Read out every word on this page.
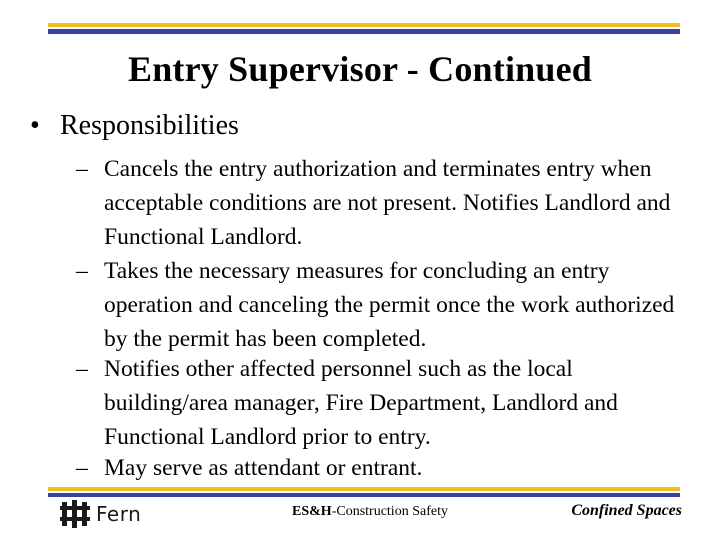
Entry Supervisor - Continued
• Responsibilities
– Cancels the entry authorization and terminates entry when acceptable conditions are not present. Notifies Landlord and Functional Landlord.
– Takes the necessary measures for concluding an entry operation and canceling the permit once the work authorized by the permit has been completed.
– Notifies other affected personnel such as the local building/area manager, Fire Department, Landlord and Functional Landlord prior to entry.
– May serve as attendant or entrant.
Fern	ES&H-Construction Safety	Confined Spaces
